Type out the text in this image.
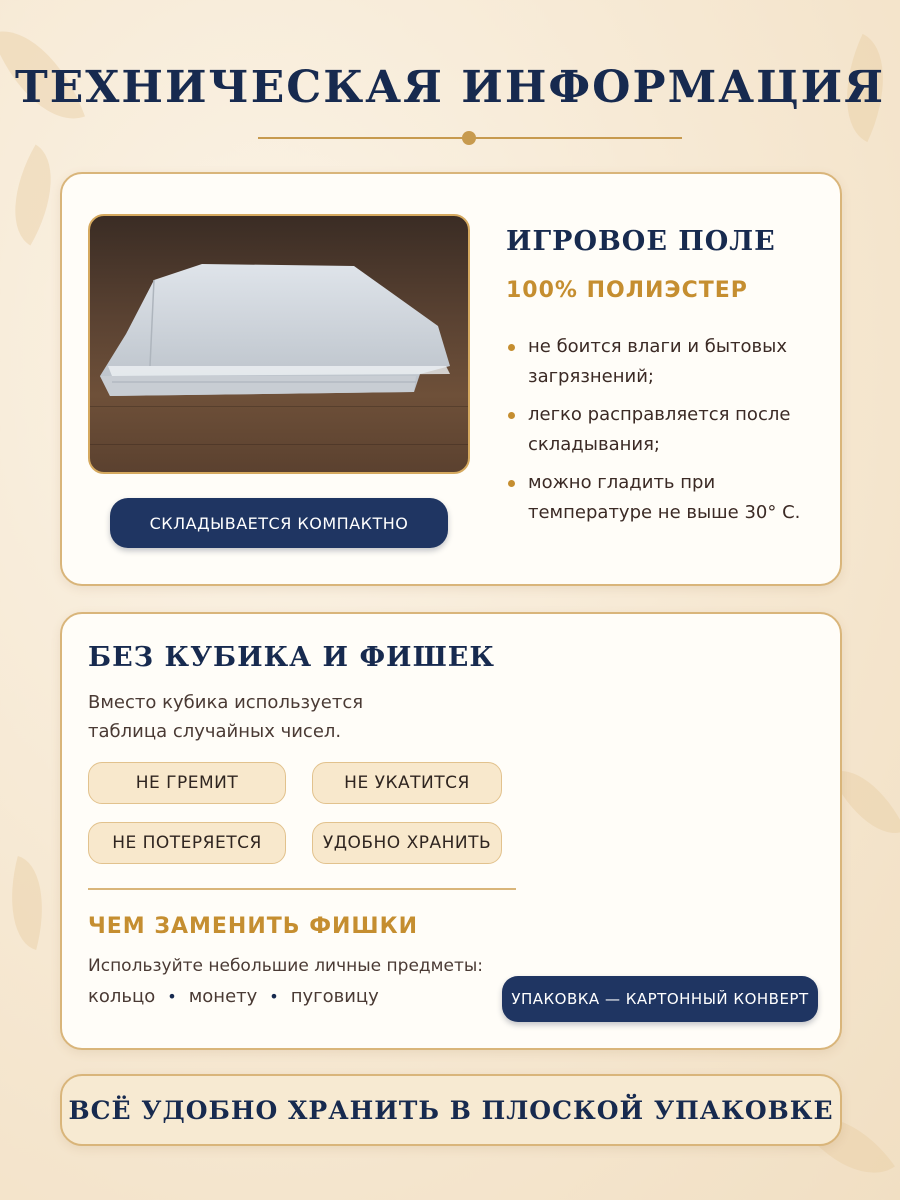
ТЕХНИЧЕСКАЯ ИНФОРМАЦИЯ
СКЛАДЫВАЕТСЯ КОМПАКТНО
ИГРОВОЕ ПОЛЕ
100% ПОЛИЭСТЕР
не боится влаги и бытовых загрязнений;
легко расправляется после складывания;
можно гладить при температуре не выше 30° С.
БЕЗ КУБИКА И ФИШЕК
Вместо кубика используется
таблица случайных чисел.
НЕ ГРЕМИТ	НЕ УКАТИТСЯ
НЕ ПОТЕРЯЕТСЯ	УДОБНО ХРАНИТЬ
ЧЕМ ЗАМЕНИТЬ ФИШКИ
Используйте небольшие личные предметы:
кольцо • монету • пуговицу	УПАКОВКА — КАРТОННЫЙ КОНВЕРТ
ВСЁ УДОБНО ХРАНИТЬ В ПЛОСКОЙ УПАКОВКЕ
